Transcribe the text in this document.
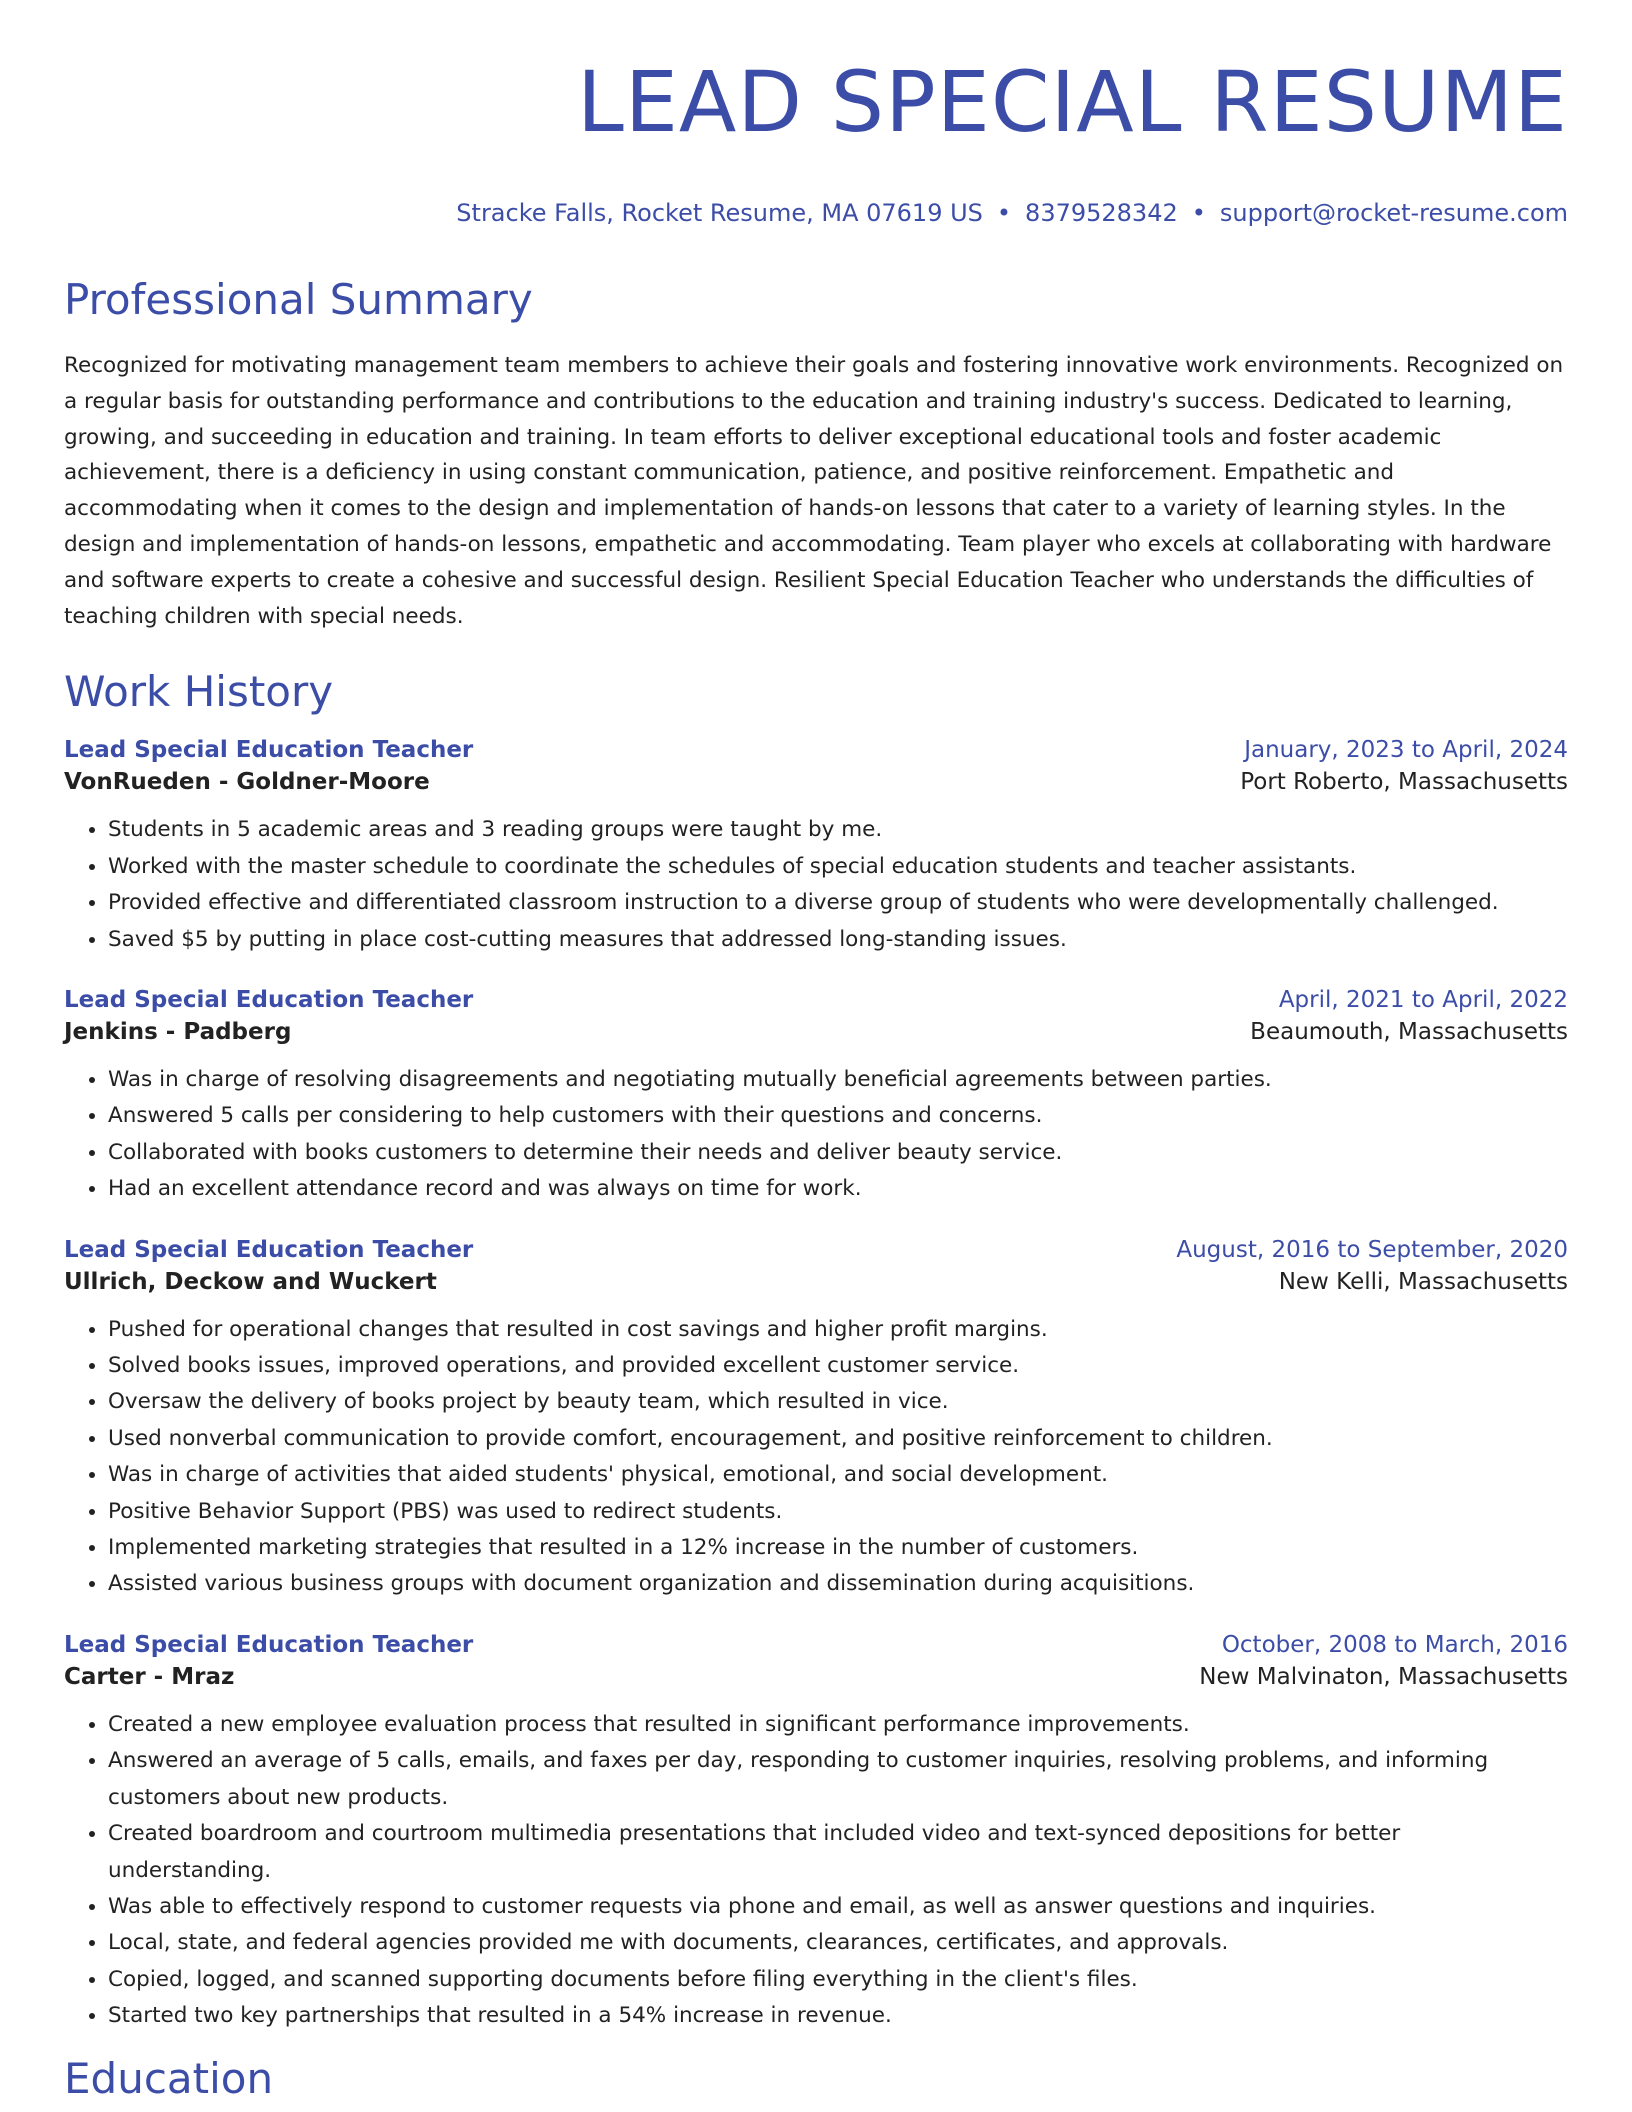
LEAD SPECIAL RESUME
Stracke Falls, Rocket Resume, MA 07619 US • 8379528342 • support@rocket-resume.com
Professional Summary
Recognized for motivating management team members to achieve their goals and fostering innovative work environments. Recognized on a regular basis for outstanding performance and contributions to the education and training industry's success. Dedicated to learning, growing, and succeeding in education and training. In team efforts to deliver exceptional educational tools and foster academic achievement, there is a deficiency in using constant communication, patience, and positive reinforcement. Empathetic and accommodating when it comes to the design and implementation of hands-on lessons that cater to a variety of learning styles. In the design and implementation of hands-on lessons, empathetic and accommodating. Team player who excels at collaborating with hardware and software experts to create a cohesive and successful design. Resilient Special Education Teacher who understands the difficulties of teaching children with special needs.
Work History
Lead Special Education Teacher	January, 2023 to April, 2024
VonRueden - Goldner-Moore	Port Roberto, Massachusetts
• Students in 5 academic areas and 3 reading groups were taught by me.
• Worked with the master schedule to coordinate the schedules of special education students and teacher assistants.
• Provided effective and differentiated classroom instruction to a diverse group of students who were developmentally challenged.
• Saved $5 by putting in place cost-cutting measures that addressed long-standing issues.
Lead Special Education Teacher	April, 2021 to April, 2022
Jenkins - Padberg	Beaumouth, Massachusetts
• Was in charge of resolving disagreements and negotiating mutually beneficial agreements between parties.
• Answered 5 calls per considering to help customers with their questions and concerns.
• Collaborated with books customers to determine their needs and deliver beauty service.
• Had an excellent attendance record and was always on time for work.
Lead Special Education Teacher	August, 2016 to September, 2020
Ullrich, Deckow and Wuckert	New Kelli, Massachusetts
• Pushed for operational changes that resulted in cost savings and higher profit margins.
• Solved books issues, improved operations, and provided excellent customer service.
• Oversaw the delivery of books project by beauty team, which resulted in vice.
• Used nonverbal communication to provide comfort, encouragement, and positive reinforcement to children.
• Was in charge of activities that aided students' physical, emotional, and social development.
• Positive Behavior Support (PBS) was used to redirect students.
• Implemented marketing strategies that resulted in a 12% increase in the number of customers.
• Assisted various business groups with document organization and dissemination during acquisitions.
Lead Special Education Teacher	October, 2008 to March, 2016
Carter - Mraz	New Malvinaton, Massachusetts
• Created a new employee evaluation process that resulted in significant performance improvements.
• Answered an average of 5 calls, emails, and faxes per day, responding to customer inquiries, resolving problems, and informing customers about new products.
• Created boardroom and courtroom multimedia presentations that included video and text-synced depositions for better understanding.
• Was able to effectively respond to customer requests via phone and email, as well as answer questions and inquiries.
• Local, state, and federal agencies provided me with documents, clearances, certificates, and approvals.
• Copied, logged, and scanned supporting documents before filing everything in the client's files.
• Started two key partnerships that resulted in a 54% increase in revenue.
Education
